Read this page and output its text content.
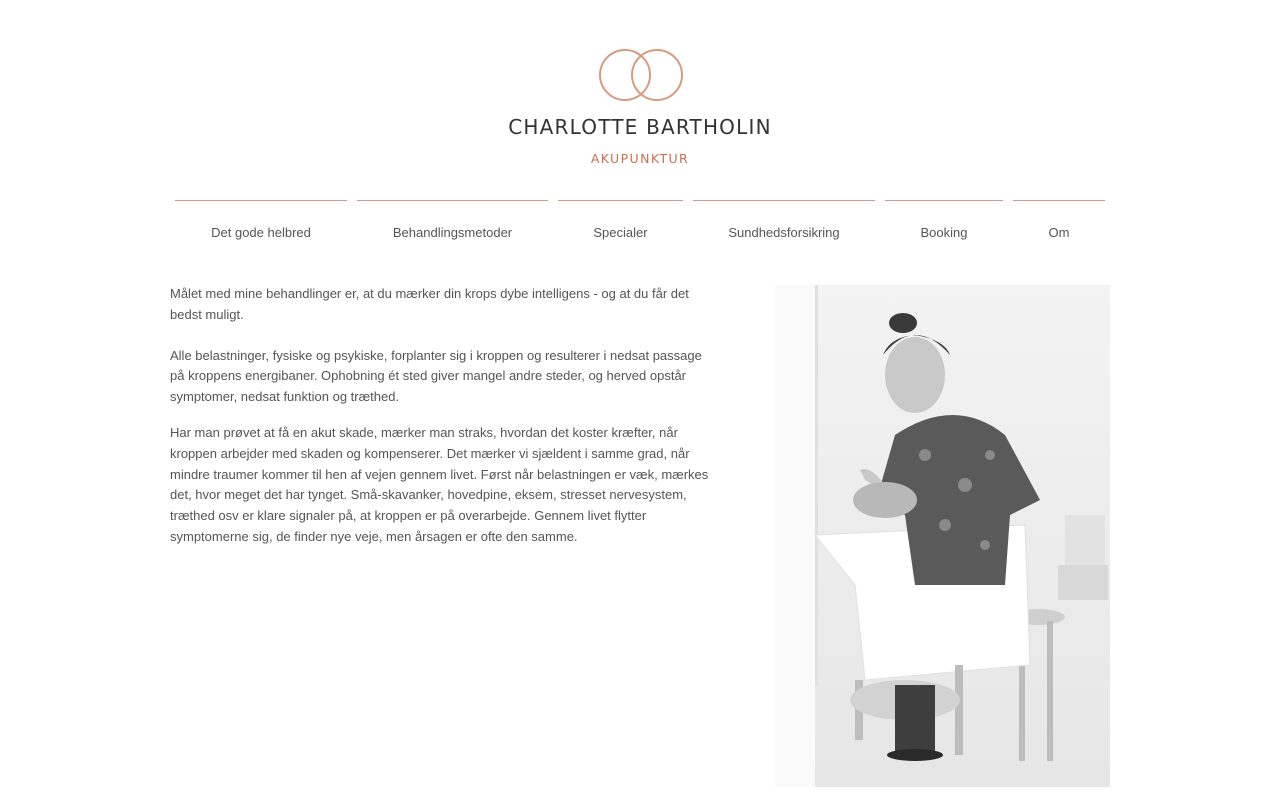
CHARLOTTE BARTHOLIN
AKUPUNKTUR
Det gode helbred	Behandlingsmetoder	Specialer	Sundhedsforsikring	Booking	Om

Målet med mine behandlinger er, at du mærker din krops dybe intelligens - og at du får det bedst muligt.

Alle belastninger, fysiske og psykiske, forplanter sig i kroppen og resulterer i nedsat passage på kroppens energibaner. Ophobning ét sted giver mangel andre steder, og herved opstår symptomer, nedsat funktion og træthed.

Har man prøvet at få en akut skade, mærker man straks, hvordan det koster kræfter, når kroppen arbejder med skaden og kompenserer. Det mærker vi sjældent i samme grad, når mindre traumer kommer til hen af vejen gennem livet. Først når belastningen er væk, mærkes det, hvor meget det har tynget. Små-skavanker, hovedpine, eksem, stresset nervesystem, træthed osv er klare signaler på, at kroppen er på overarbejde. Gennem livet flytter symptomerne sig, de finder nye veje, men årsagen er ofte den samme.
